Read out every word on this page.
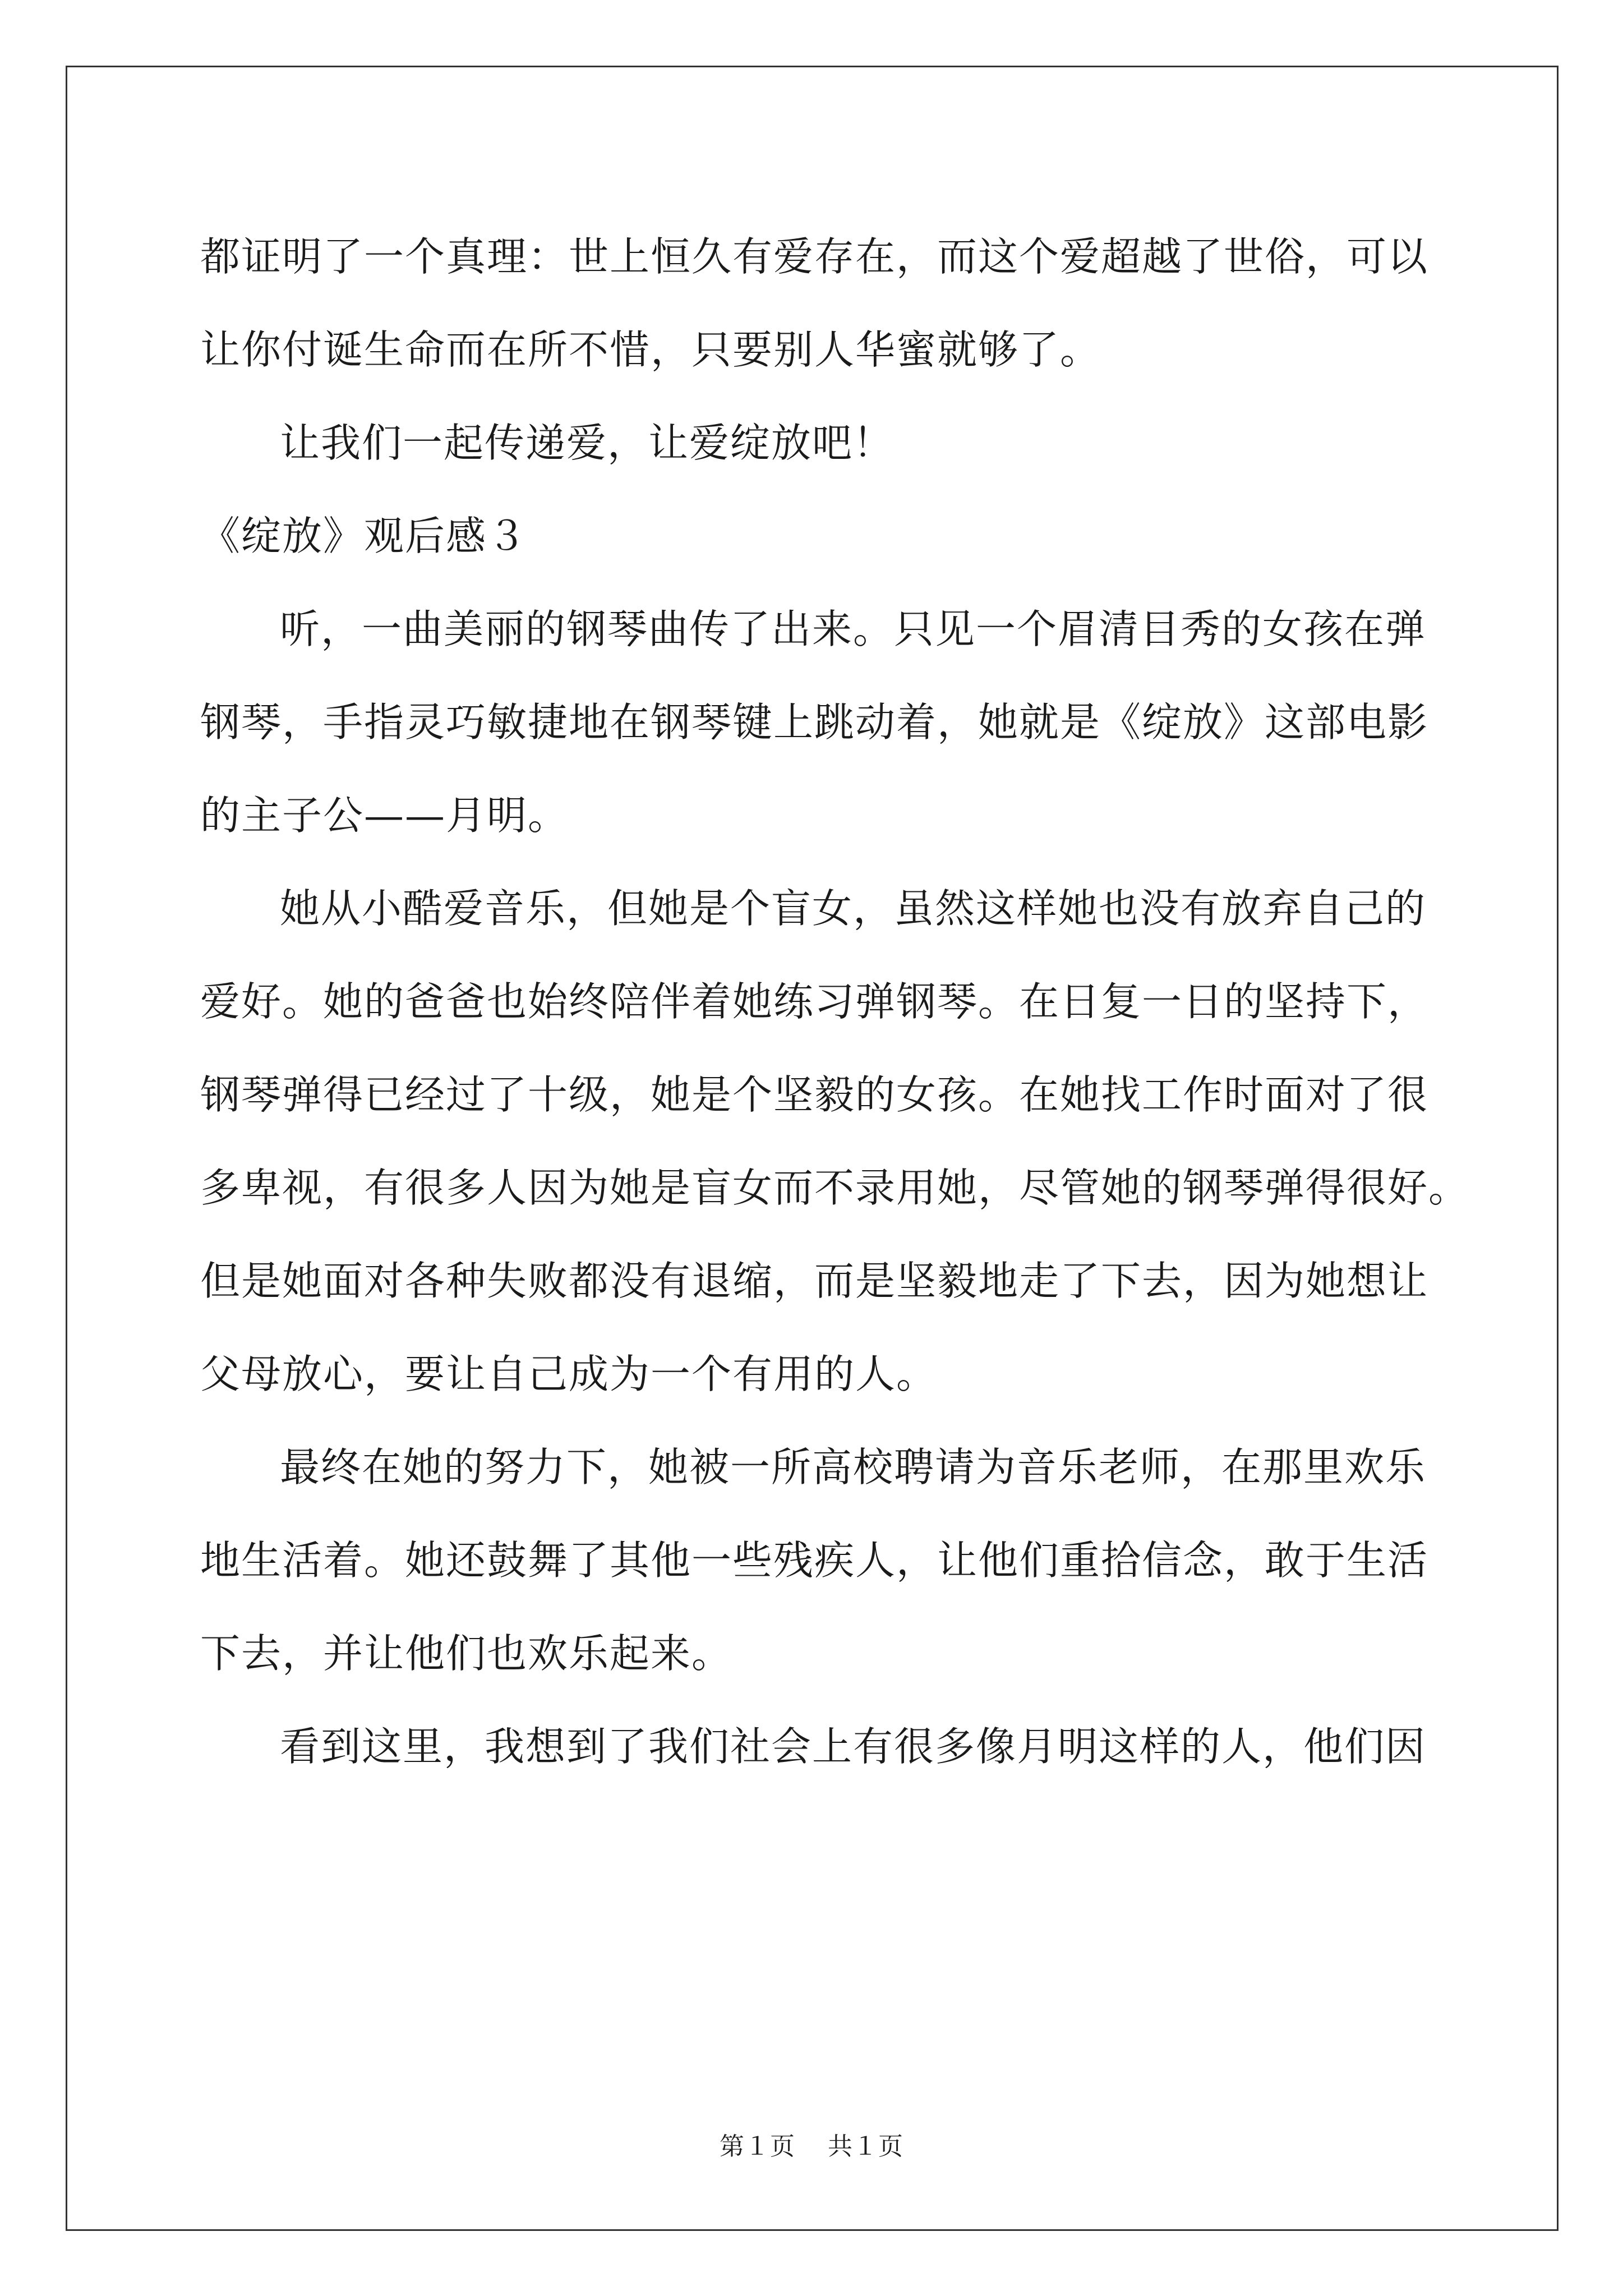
都证明了一个真理：世上恒久有爱存在，而这个爱超越了世俗，可以
让你付诞生命而在所不惜，只要别人华蜜就够了。

让我们一起传递爱，让爱绽放吧！

《绽放》观后感３

听，一曲美丽的钢琴曲传了出来。只见一个眉清目秀的女孩在弹
钢琴，手指灵巧敏捷地在钢琴键上跳动着，她就是《绽放》这部电影
的主子公——月明。

她从小酷爱音乐，但她是个盲女，虽然这样她也没有放弃自己的
爱好。她的爸爸也始终陪伴着她练习弹钢琴。在日复一日的坚持下，
钢琴弹得已经过了十级，她是个坚毅的女孩。在她找工作时面对了很
多卑视，有很多人因为她是盲女而不录用她，尽管她的钢琴弹得很好。
但是她面对各种失败都没有退缩，而是坚毅地走了下去，因为她想让
父母放心，要让自己成为一个有用的人。

最终在她的努力下，她被一所高校聘请为音乐老师，在那里欢乐
地生活着。她还鼓舞了其他一些残疾人，让他们重拾信念，敢于生活
下去，并让他们也欢乐起来。

看到这里，我想到了我们社会上有很多像月明这样的人，他们因

第１页 共１页
